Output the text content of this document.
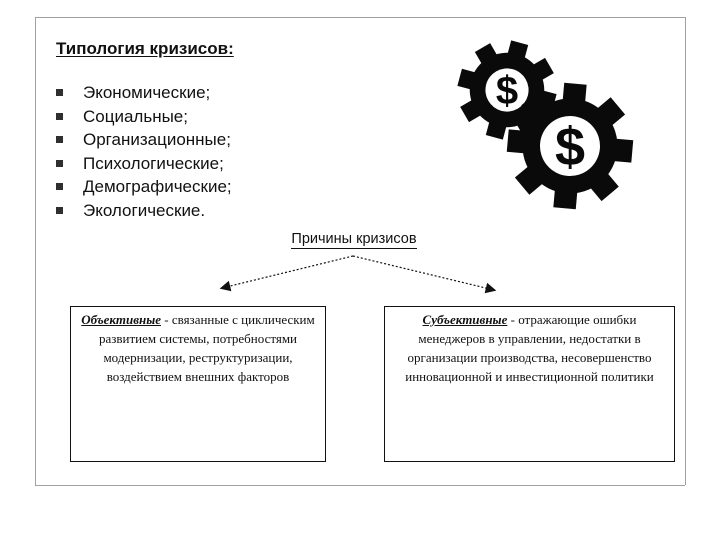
Типология кризисов:
Экономические;
Социальные;
Организационные;
Психологические;
Демографические;
Экологические.
$
$
Причины кризисов
Объективные - связанные с циклическим развитием системы, потребностями модернизации, реструктуризации, воздействием внешних факторов
Субъективные - отражающие ошибки менеджеров в управлении, недостатки в организации производства, несовершенство инновационной и инвестиционной политики
